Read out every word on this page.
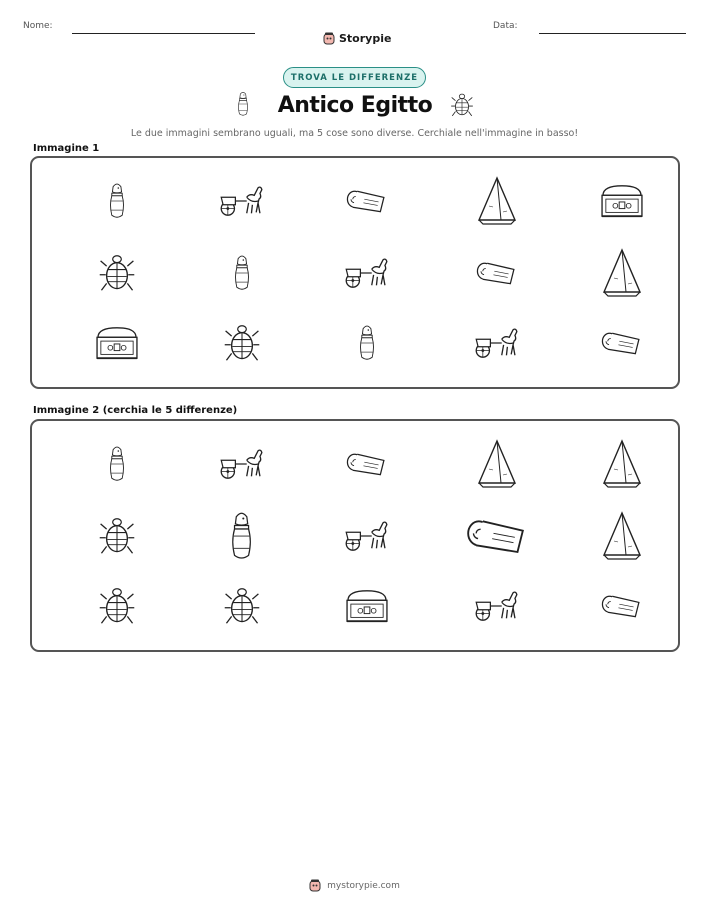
Nome:
Storypie
Data:
TROVA LE DIFFERENZE
Antico Egitto
Le due immagini sembrano uguali, ma 5 cose sono diverse. Cerchiale nell'immagine in basso!
Immagine 1
Immagine 2 (cerchia le 5 differenze)
mystorypie.com
